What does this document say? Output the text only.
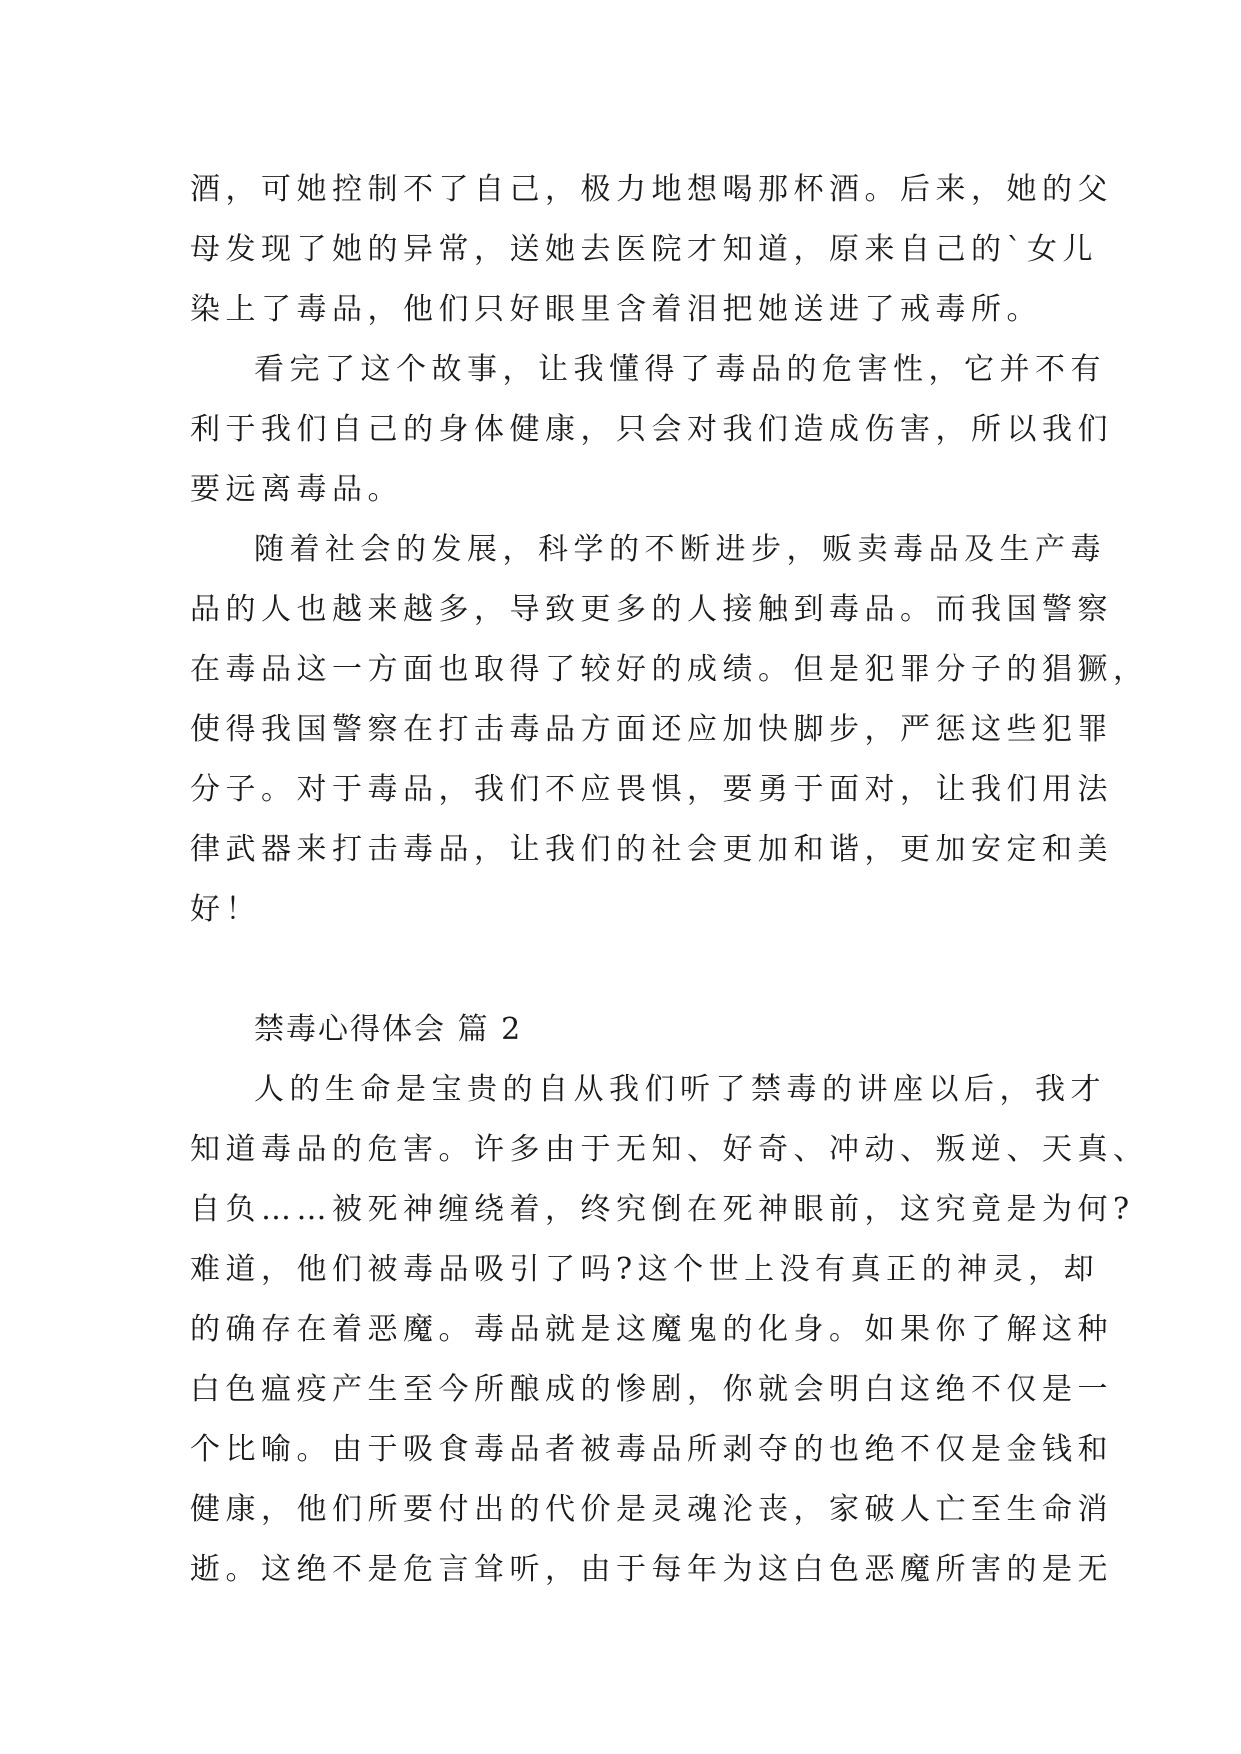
酒，可她控制不了自己，极力地想喝那杯酒。后来，她的父
母发现了她的异常，送她去医院才知道，原来自己的`女儿
染上了毒品，他们只好眼里含着泪把她送进了戒毒所。
看完了这个故事，让我懂得了毒品的危害性，它并不有
利于我们自己的身体健康，只会对我们造成伤害，所以我们
要远离毒品。
随着社会的发展，科学的不断进步，贩卖毒品及生产毒
品的人也越来越多，导致更多的人接触到毒品。而我国警察
在毒品这一方面也取得了较好的成绩。但是犯罪分子的猖獗，
使得我国警察在打击毒品方面还应加快脚步，严惩这些犯罪
分子。对于毒品，我们不应畏惧，要勇于面对，让我们用法
律武器来打击毒品，让我们的社会更加和谐，更加安定和美
好！
禁毒心得体会 篇 2
人的生命是宝贵的自从我们听了禁毒的讲座以后，我才
知道毒品的危害。许多由于无知、好奇、冲动、叛逆、天真、
自负……被死神缠绕着，终究倒在死神眼前，这究竟是为何?
难道，他们被毒品吸引了吗?这个世上没有真正的神灵，却
的确存在着恶魔。毒品就是这魔鬼的化身。如果你了解这种
白色瘟疫产生至今所酿成的惨剧，你就会明白这绝不仅是一
个比喻。由于吸食毒品者被毒品所剥夺的也绝不仅是金钱和
健康，他们所要付出的代价是灵魂沦丧，家破人亡至生命消
逝。这绝不是危言耸听，由于每年为这白色恶魔所害的是无
